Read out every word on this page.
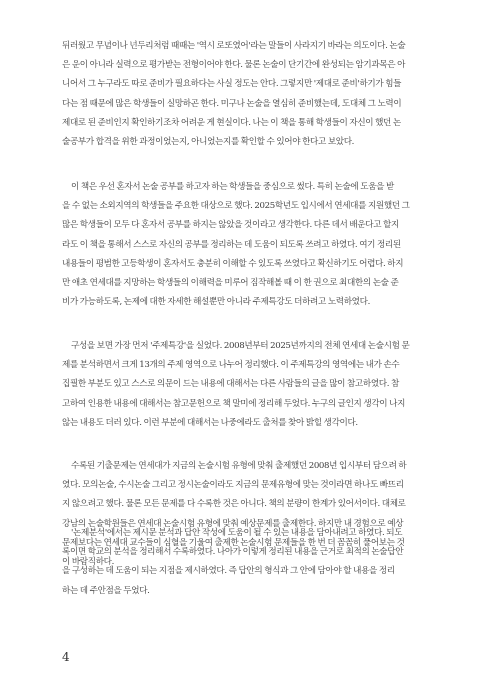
뒤러웠고 무념이나 넌두리처럼 때때는 '역시 로또였어'라는 말들이 사라지기 바라는 의도이다. 논술
은 운이 아니라 실력으로 평가받는 전형이어야 한다. 물론 논술이 단기간에 완성되는 암기과목은 아
니어서 그 누구라도 따로 준비가 필요하다는 사실 정도는 안다. 그렇지만 '제대로 준비'하기가 힘들
다는 점 때문에 많은 학생들이 실망하곤 한다. 미구나 논술을 열심히 준비했는데, 도대체 그 노력이
제대로 된 준비인지 확인하기조차 어려운 게 현실이다. 나는 이 책을 통해 학생들이 자신이 했던 논
술공부가 합격을 위한 과정이었는지, 아니었는지를 확인할 수 있어야 한다고 보았다.
이 책은 우선 혼자서 논술 공부를 하고자 하는 학생들을 중심으로 썼다. 특히 논술에 도움을 받
을 수 없는 소외지역의 학생들을 주요한 대상으로 했다. 2025학년도 입시에서 연세대를 지원했던 그
많은 학생들이 모두 다 혼자서 공부를 하지는 않았을 것이라고 생각한다. 다른 데서 배운다고 할지
라도 이 책을 통해서 스스로 자신의 공부를 정리하는 데 도움이 되도록 쓰려고 하였다. 여기 정리된
내용들이 평범한 고등학생이 혼자서도 충분히 이해할 수 있도록 쓰였다고 확신하기도 어렵다. 하지
만 애초 연세대를 지망하는 학생들의 이해력을 미루어 짐작해볼 때 이 한 권으로 최대한의 논술 준
비가 가능하도록, 논제에 대한 자세한 해설뿐만 아니라 주제특강도 더하려고 노력하였다.
구성을 보면 가장 먼저 '주제특강'을 실었다. 2008년부터 2025년까지의 전체 연세대 논술시험 문
제를 분석하면서 크게 13개의 주제 영역으로 나누어 정리했다. 이 주제특강의 영역에는 내가 손수
집필한 부분도 있고 스스로 의문이 드는 내용에 대해서는 다른 사람들의 글을 많이 참고하였다. 참
고하여 인용한 내용에 대해서는 참고문헌으로 책 말미에 정리해 두었다. 누구의 글인지 생각이 나지
않는 내용도 더러 있다. 이런 부분에 대해서는 나중에라도 출처를 찾아 밝힐 생각이다.
수록된 기출문제는 연세대가 지금의 논술시험 유형에 맞춰 출제했던 2008년 입시부터 담으려 하
였다. 모의논술, 수시논술 그리고 정시논술이라도 지금의 문제유형에 맞는 것이라면 하나도 빠뜨리
지 않으려고 했다. 물론 모든 문제를 다 수록한 것은 아니다. 책의 분량이 한계가 있어서이다. 대체로
강남의 논술학원들은 연세대 논술시험 유형에 맞춰 예상문제를 출제한다. 하지만 내 경험으로 예상
문제보다는 연세대 교수들이 심혈을 기울여 출제한 논술시험 문제들을 한 번 더 꼼꼼히 풀어보는 것
이 바람직하다.
'논제분석'에서는 제시문 분석과 답안 작성에 도움이 될 수 있는 내용을 담아내려고 하였다. 되도
록이면 학교의 분석을 정리해서 수록하였다. 나아가 이렇게 정리된 내용을 근거로 최적의 논술답안
을 구성하는 데 도움이 되는 지점을 제시하였다. 즉 답안의 형식과 그 안에 담아야 할 내용을 정리
하는 데 주안점을 두었다.
4
